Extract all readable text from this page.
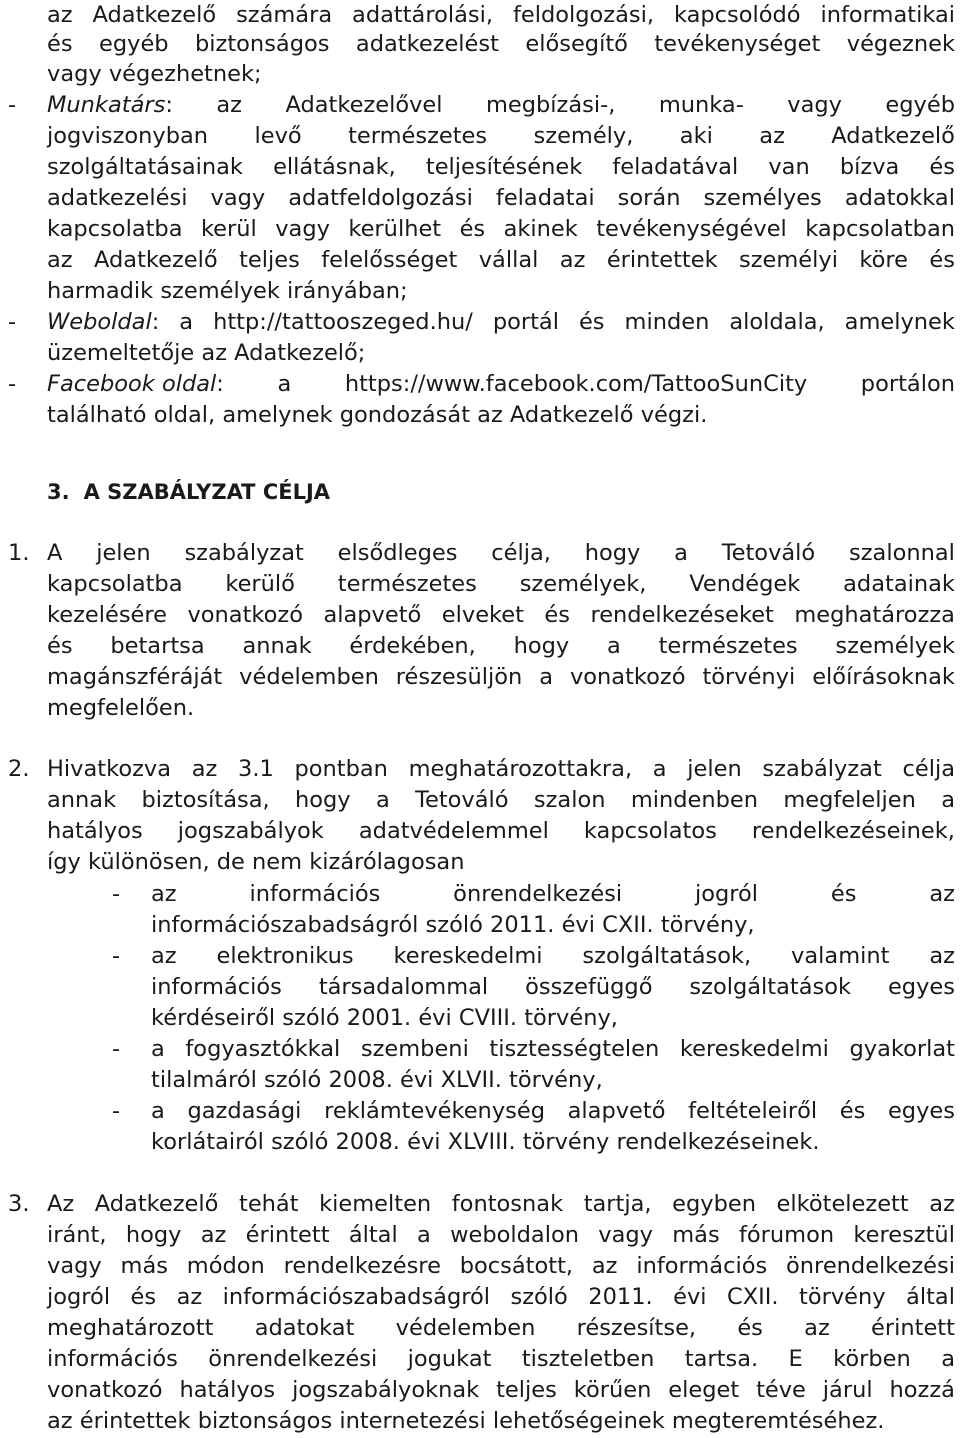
az Adatkezelő számára adattárolási, feldolgozási, kapcsolódó informatikai
és egyéb biztonságos adatkezelést elősegítő tevékenységet végeznek
vagy végezhetnek;
- Munkatárs : az Adatkezelővel megbízási-, munka- vagy egyéb
jogviszonyban levő természetes személy, aki az Adatkezelő
szolgáltatásainak ellátásnak, teljesítésének feladatával van bízva és
adatkezelési vagy adatfeldolgozási feladatai során személyes adatokkal
kapcsolatba kerül vagy kerülhet és akinek tevékenységével kapcsolatban
az Adatkezelő teljes felelősséget vállal az érintettek személyi köre és
harmadik személyek irányában;
- Weboldal : a http://tattooszeged.hu/ portál és minden aloldala, amelynek
üzemeltetője az Adatkezelő;
- Facebook oldal : a https://www.facebook.com/TattooSunCity portálon
található oldal, amelynek gondozását az Adatkezelő végzi.
3. A SZABÁLYZAT CÉLJA
1. A jelen szabályzat elsődleges célja, hogy a Tetováló szalonnal
kapcsolatba kerülő természetes személyek, Vendégek adatainak
kezelésére vonatkozó alapvető elveket és rendelkezéseket meghatározza
és betartsa annak érdekében, hogy a természetes személyek
magánszféráját védelemben részesüljön a vonatkozó törvényi előírásoknak
megfelelően.
2. Hivatkozva az 3.1 pontban meghatározottakra, a jelen szabályzat célja
annak biztosítása, hogy a Tetováló szalon mindenben megfeleljen a
hatályos jogszabályok adatvédelemmel kapcsolatos rendelkezéseinek,
így különösen, de nem kizárólagosan
- az	információs	önrendelkezési	jogról	és	az
információszabadságról szóló 2011. évi CXII. törvény,
- az elektronikus kereskedelmi szolgáltatások, valamint az
információs társadalommal összefüggő szolgáltatások egyes
kérdéseiről szóló 2001. évi CVIII. törvény,
- a fogyasztókkal szembeni tisztességtelen kereskedelmi gyakorlat
tilalmáról szóló 2008. évi XLVII. törvény,
- a gazdasági reklámtevékenység alapvető feltételeiről és egyes
korlátairól szóló 2008. évi XLVIII. törvény rendelkezéseinek.
3. Az Adatkezelő tehát kiemelten fontosnak tartja, egyben elkötelezett az
iránt, hogy az érintett által a weboldalon vagy más fórumon keresztül
vagy más módon rendelkezésre bocsátott, az információs önrendelkezési
jogról és az információszabadságról szóló 2011. évi CXII. törvény által
meghatározott adatokat védelemben részesítse, és az érintett
információs önrendelkezési jogukat tiszteletben tartsa. E körben a
vonatkozó hatályos jogszabályoknak teljes körűen eleget téve járul hozzá
az érintettek biztonságos internetezési lehetőségeinek megteremtéséhez.
